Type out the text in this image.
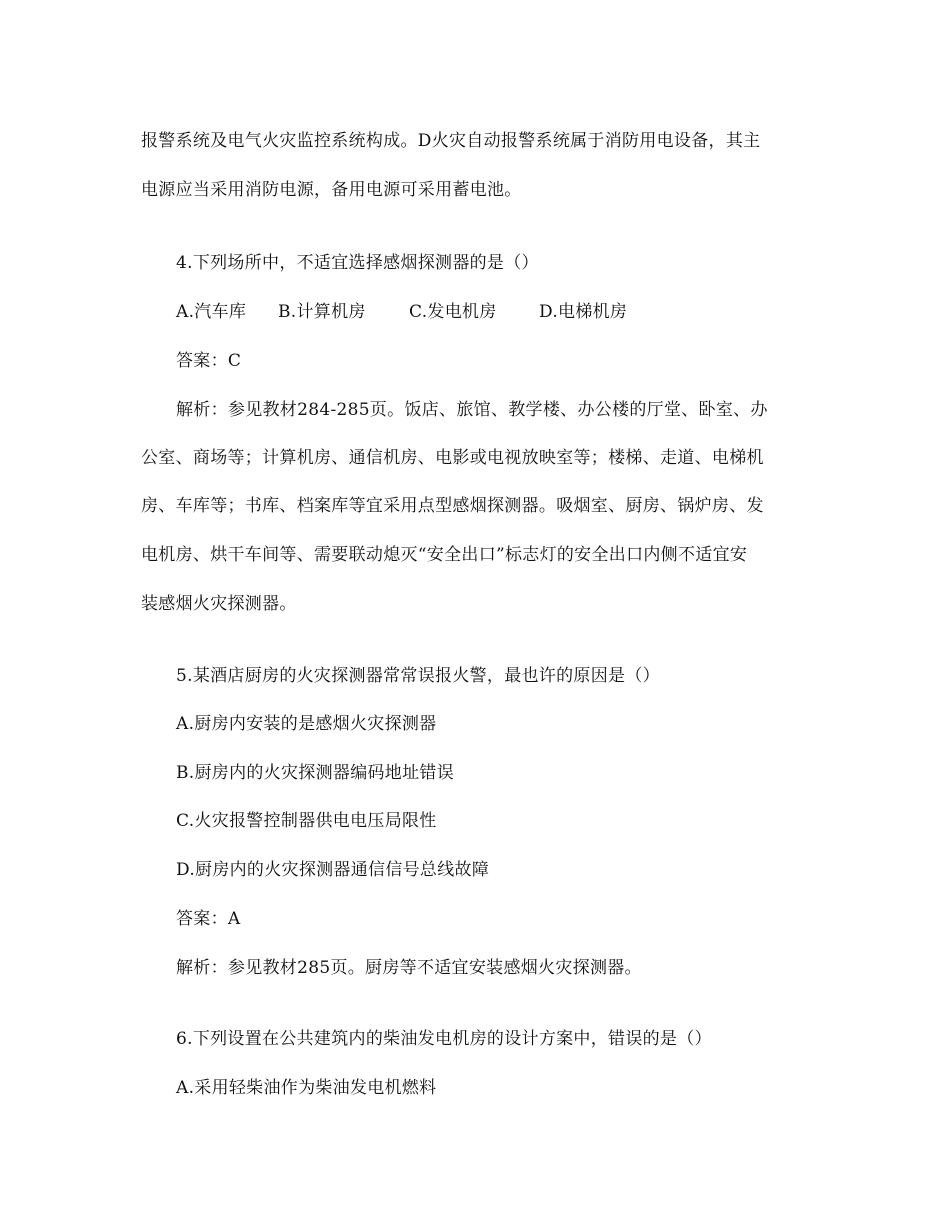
报警系统及电气火灾监控系统构成。D火灾自动报警系统属于消防用电设备，其主
电源应当采用消防电源，备用电源可采用蓄电池。
4.下列场所中，不适宜选择感烟探测器的是（）
A.汽车库 B.计算机房	C.发电机房 D.电梯机房
答案：C
解析：参见教材284-285页。饭店、旅馆、教学楼、办公楼的厅堂、卧室、办
公室、商场等；计算机房、通信机房、电影或电视放映室等；楼梯、走道、电梯机
房、车库等；书库、档案库等宜采用点型感烟探测器。吸烟室、厨房、锅炉房、发
电机房、烘干车间等、需要联动熄灭“安全出口”标志灯的安全出口内侧不适宜安
装感烟火灾探测器。
5.某酒店厨房的火灾探测器常常误报火警，最也许的原因是（）
A.厨房内安装的是感烟火灾探测器
B.厨房内的火灾探测器编码地址错误
C.火灾报警控制器供电电压局限性
D.厨房内的火灾探测器通信信号总线故障
答案：A
解析：参见教材285页。厨房等不适宜安装感烟火灾探测器。
6.下列设置在公共建筑内的柴油发电机房的设计方案中，错误的是（）
A.采用轻柴油作为柴油发电机燃料
